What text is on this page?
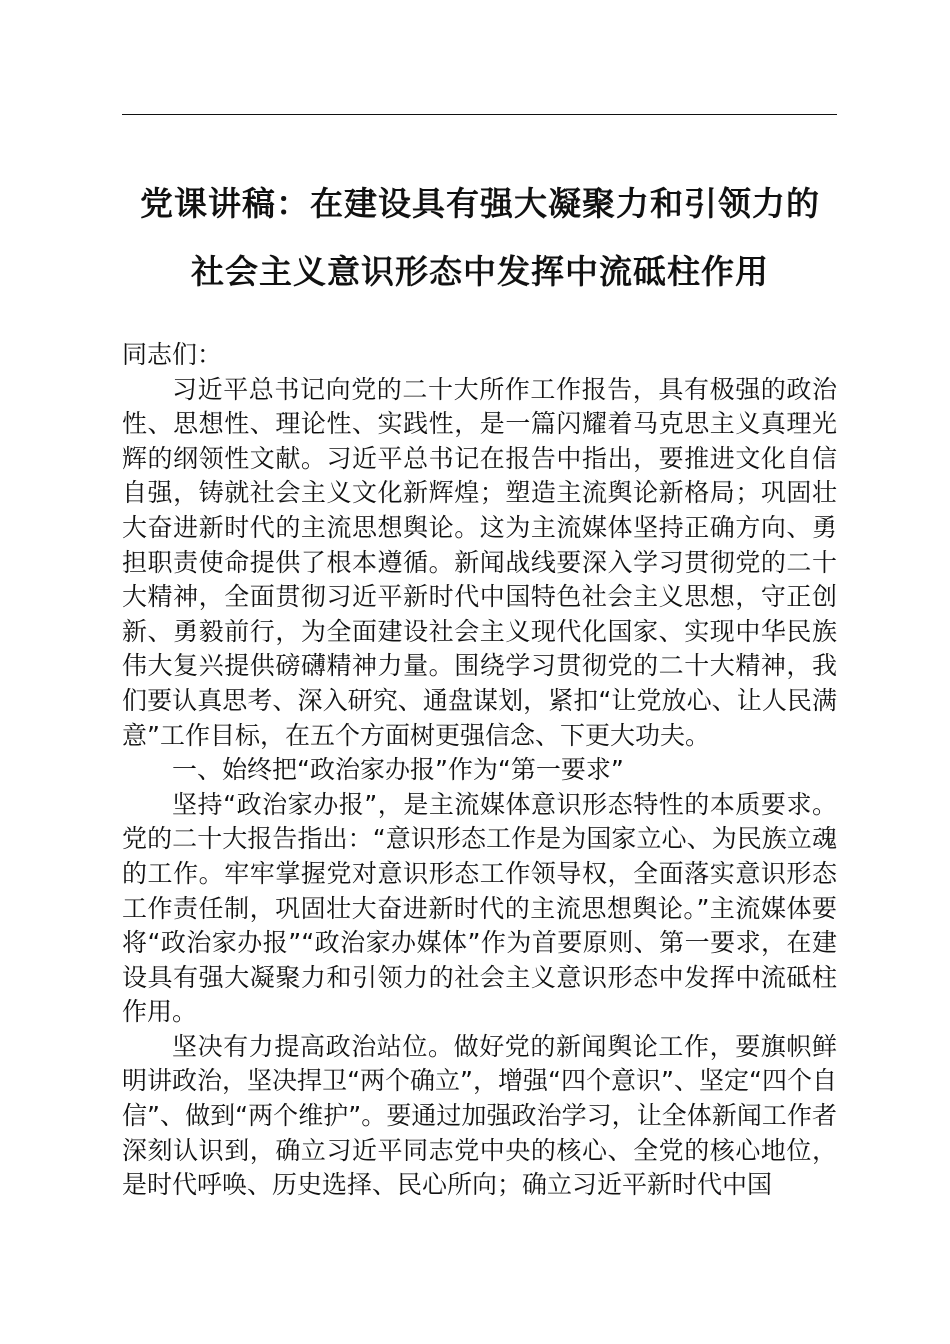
党课讲稿：在建设具有强大凝聚力和引领力的
社会主义意识形态中发挥中流砥柱作用

同志们：

习近平总书记向党的二十大所作工作报告，具有极强的政治性、思想性、理论性、实践性，是一篇闪耀着马克思主义真理光辉的纲领性文献。习近平总书记在报告中指出，要推进文化自信自强，铸就社会主义文化新辉煌；塑造主流舆论新格局；巩固壮大奋进新时代的主流思想舆论。这为主流媒体坚持正确方向、勇担职责使命提供了根本遵循。新闻战线要深入学习贯彻党的二十大精神，全面贯彻习近平新时代中国特色社会主义思想，守正创新、勇毅前行，为全面建设社会主义现代化国家、实现中华民族伟大复兴提供磅礴精神力量。围绕学习贯彻党的二十大精神，我们要认真思考、深入研究、通盘谋划，紧扣“让党放心、让人民满意”工作目标，在五个方面树更强信念、下更大功夫。

一、始终把“政治家办报”作为“第一要求”

坚持“政治家办报”，是主流媒体意识形态特性的本质要求。党的二十大报告指出：“意识形态工作是为国家立心、为民族立魂的工作。牢牢掌握党对意识形态工作领导权，全面落实意识形态工作责任制，巩固壮大奋进新时代的主流思想舆论。”主流媒体要将“政治家办报”“政治家办媒体”作为首要原则、第一要求，在建设具有强大凝聚力和引领力的社会主义意识形态中发挥中流砥柱作用。

坚决有力提高政治站位。做好党的新闻舆论工作，要旗帜鲜明讲政治，坚决捍卫“两个确立”，增强“四个意识”、坚定“四个自信”、做到“两个维护”。要通过加强政治学习，让全体新闻工作者深刻认识到，确立习近平同志党中央的核心、全党的核心地位，是时代呼唤、历史选择、民心所向；确立习近平新时代中国
